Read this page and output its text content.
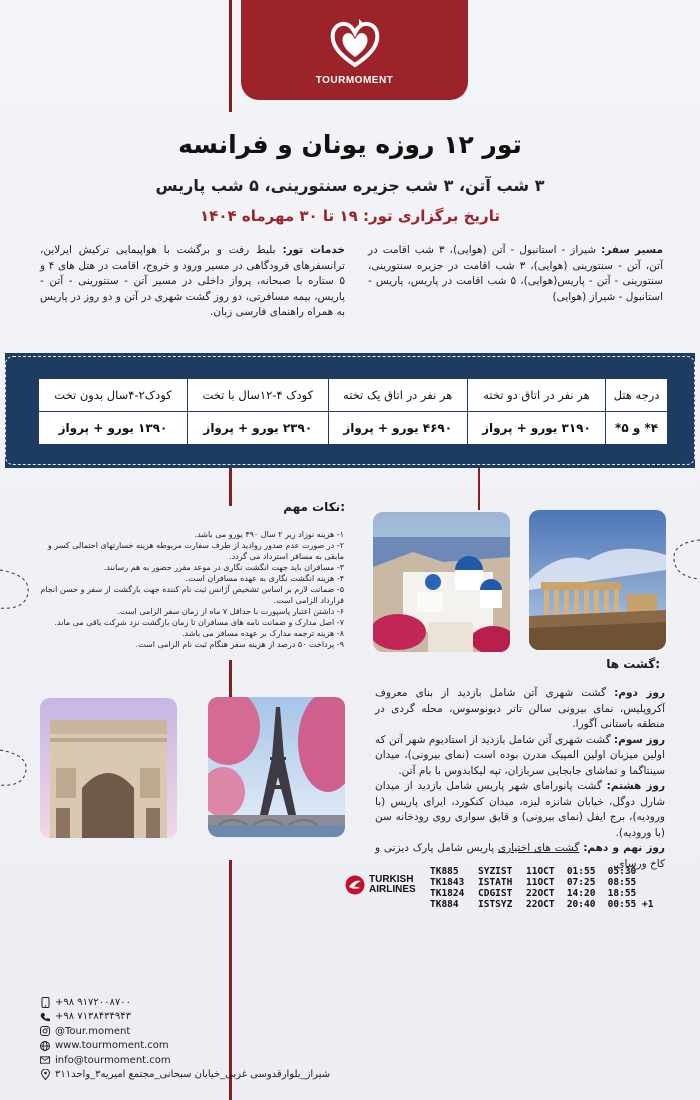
TOURMOMENT
تور ۱۲ روزه یونان و فرانسه
۳ شب آتن، ۳ شب جزیره سنتورینی، ۵ شب پاریس
تاریخ برگزاری تور: ۱۹ تا ۳۰ مهرماه ۱۴۰۴
مسیر سفر: شیراز - استانبول - آتن (هوایی)، ۳ شب اقامت در آتن، آتن - سنتورینی (هوایی)، ۳ شب اقامت در جزیره سنتورینی، سنتورینی - آتن - پاریس(هوایی)، ۵ شب اقامت در پاریس، پاریس - استانبول - شیراز (هوایی)
خدمات تور: بلیط رفت و برگشت با هواپیمایی ترکیش ایرلاین، ترانسفرهای فرودگاهی در مسیر ورود و خروج، اقامت در هتل های ۴ و ۵ ستاره با صبحانه، پرواز داخلی در مسیر آتن - سنتورینی - آتن - پاریس، بیمه مسافرتی، دو روز گشت شهری در آتن و دو روز در پاریس به همراه راهنمای فارسی زبان.
درجه هتل	هر نفر در اتاق دو تخته	هر نفر در اتاق یک تخته	کودک ۴-۱۲سال با تخت	کودک۲-۴سال بدون تخت
۴* و ۵*	۳۱۹۰ یورو + پرواز	۴۶۹۰ یورو + پرواز	۲۳۹۰ یورو + پرواز	۱۳۹۰ یورو + پرواز
نکات مهم:
۱- هزینه نوزاد زیر ۲ سال ۴۹۰ یورو می باشد.
۲- در صورت عدم صدور روادید از طرف سفارت مربوطه هزینه خسارتهای احتمالی کسر و مابقی به مسافر استرداد می گردد.
۳- مسافران باید جهت انگشت نگاری در موعد مقرر حضور به هم رسانند.
۴- هزینه انگشت نگاری به عهده مسافران است.
۵- ضمانت لازم بر اساس تشخیص آژانس ثبت نام کننده جهت بازگشت از سفر و حسن انجام قرارداد الزامی است.
۶- داشتن اعتبار پاسپورت با حداقل ۷ ماه از زمان سفر الزامی است.
۷- اصل مدارک و ضمانت نامه های مسافران تا زمان بازگشت نزد شرکت باقی می ماند.
۸- هزینه ترجمه مدارک بر عهده مسافر می باشد.
۹- پرداخت ۵۰ درصد از هزینه سفر هنگام ثبت نام الزامی است.
گشت ها:

روز دوم: گشت شهری آتن شامل بازدید از بنای معروف آکروپلیس، نمای بیرونی سالن تاتر دیونوسوس، محله گردی در منطقه باستانی آگورا.

روز سوم: گشت شهری آتن شامل بازدید از استادیوم شهر آتن که اولین میزبان اولین المپیک مدرن بوده است (نمای بیرونی)، میدان سینتاگما و تماشای جابجایی سربازان، تپه لیکابدوس با بام آتن.

روز هشتم: گشت پانورامای شهر پاریس شامل بازدید از میدان شارل دوگل، خیابان شانزه لیزه، میدان کنکورد، ایرای پاریس (با ورودیه)، برج ایفل (نمای بیرونی) و قایق سواری روی رودخانه سن (با ورودیه).

روز نهم و دهم: گشت های اختیاری پاریس شامل پارک دیزنی و کاخ ورسای.

TURKISH
AIRLINES
TK885	SYZIST	11OCT	01:55	05:30
TK1843	ISTATH	11OCT	07:25	08:55
TK1824	CDGIST	22OCT	14:20	18:55
TK884	ISTSYZ	22OCT	20:40	00:55 +1
+۹۸ ۹۱۷۲۰۰۸۷۰۰
+۹۸ ۷۱۳۸۴۳۴۹۴۳
@Tour.moment
www.tourmoment.com
info@tourmoment.com
شیراز_بلوارقدوسی غربی_خیابان سبحانی_مجتمع امیریه۳_واحد۳۱۱
